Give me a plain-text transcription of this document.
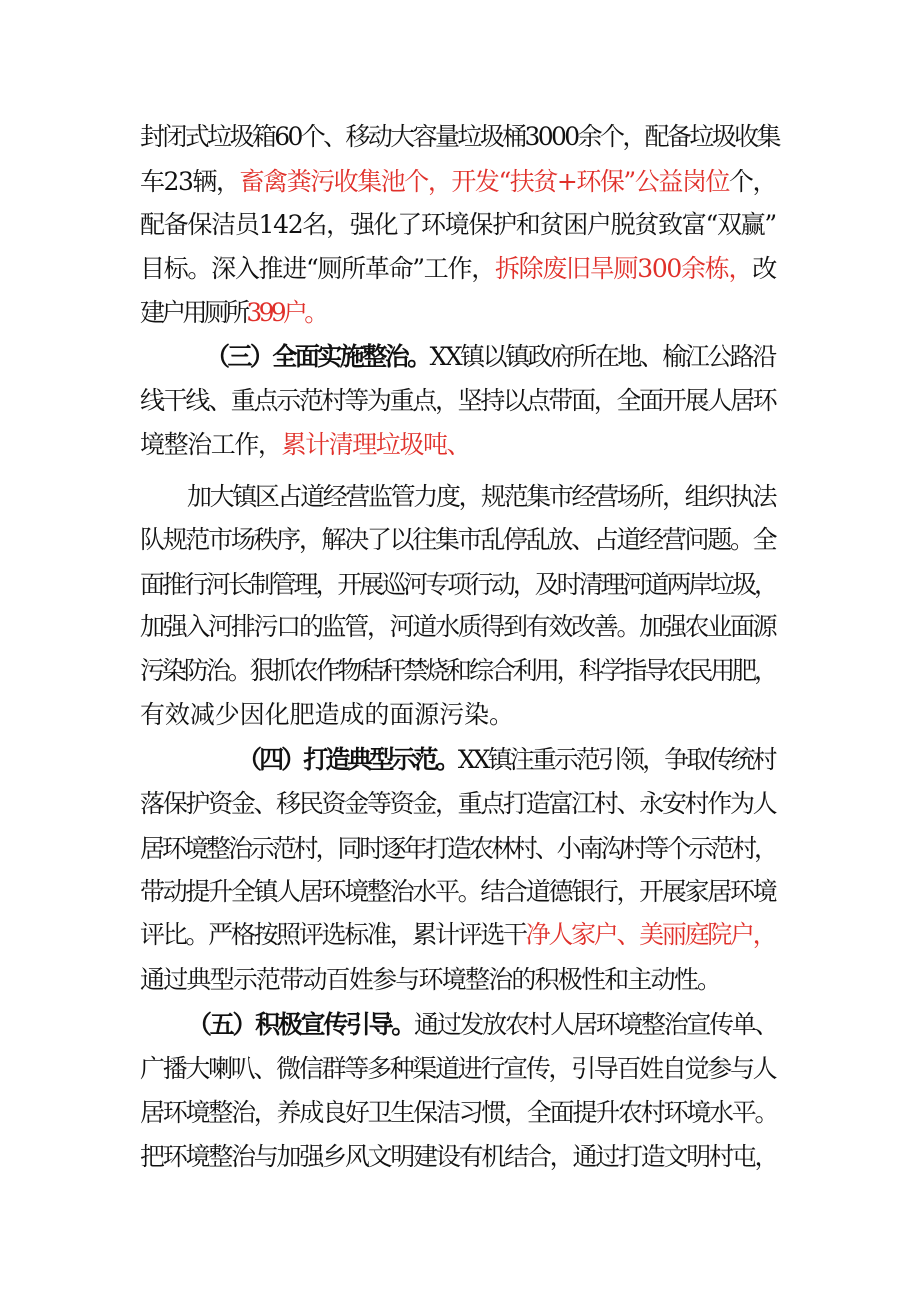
封闭式垃圾箱60个、移动大容量垃圾桶3000余个，配备垃圾收集
车23辆，畜禽粪污收集池个，开发“扶贫+环保”公益岗位个，
配备保洁员142名，强化了环境保护和贫困户脱贫致富“双赢”
目标。深入推进“厕所革命”工作，拆除废旧旱厕300余栋，改
建户用厕所399户。
（三）全面实施整治。XX镇以镇政府所在地、榆江公路沿
线干线、重点示范村等为重点，坚持以点带面，全面开展人居环
境整治工作，累计清理垃圾吨、
加大镇区占道经营监管力度，规范集市经营场所，组织执法
队规范市场秩序，解决了以往集市乱停乱放、占道经营问题。全
面推行河长制管理，开展巡河专项行动，及时清理河道两岸垃圾，
加强入河排污口的监管，河道水质得到有效改善。加强农业面源
污染防治。狠抓农作物秸秆禁烧和综合利用，科学指导农民用肥，
有效减少因化肥造成的面源污染。
（四）打造典型示范。XX镇注重示范引领，争取传统村
落保护资金、移民资金等资金，重点打造富江村、永安村作为人
居环境整治示范村，同时逐年打造农林村、小南沟村等个示范村，
带动提升全镇人居环境整治水平。结合道德银行，开展家居环境
评比。严格按照评选标准，累计评选干净人家户、美丽庭院户，
通过典型示范带动百姓参与环境整治的积极性和主动性。
（五）积极宣传引导。通过发放农村人居环境整治宣传单、
广播大喇叭、微信群等多种渠道进行宣传，引导百姓自觉参与人
居环境整治，养成良好卫生保洁习惯，全面提升农村环境水平。
把环境整治与加强乡风文明建设有机结合，通过打造文明村屯，
